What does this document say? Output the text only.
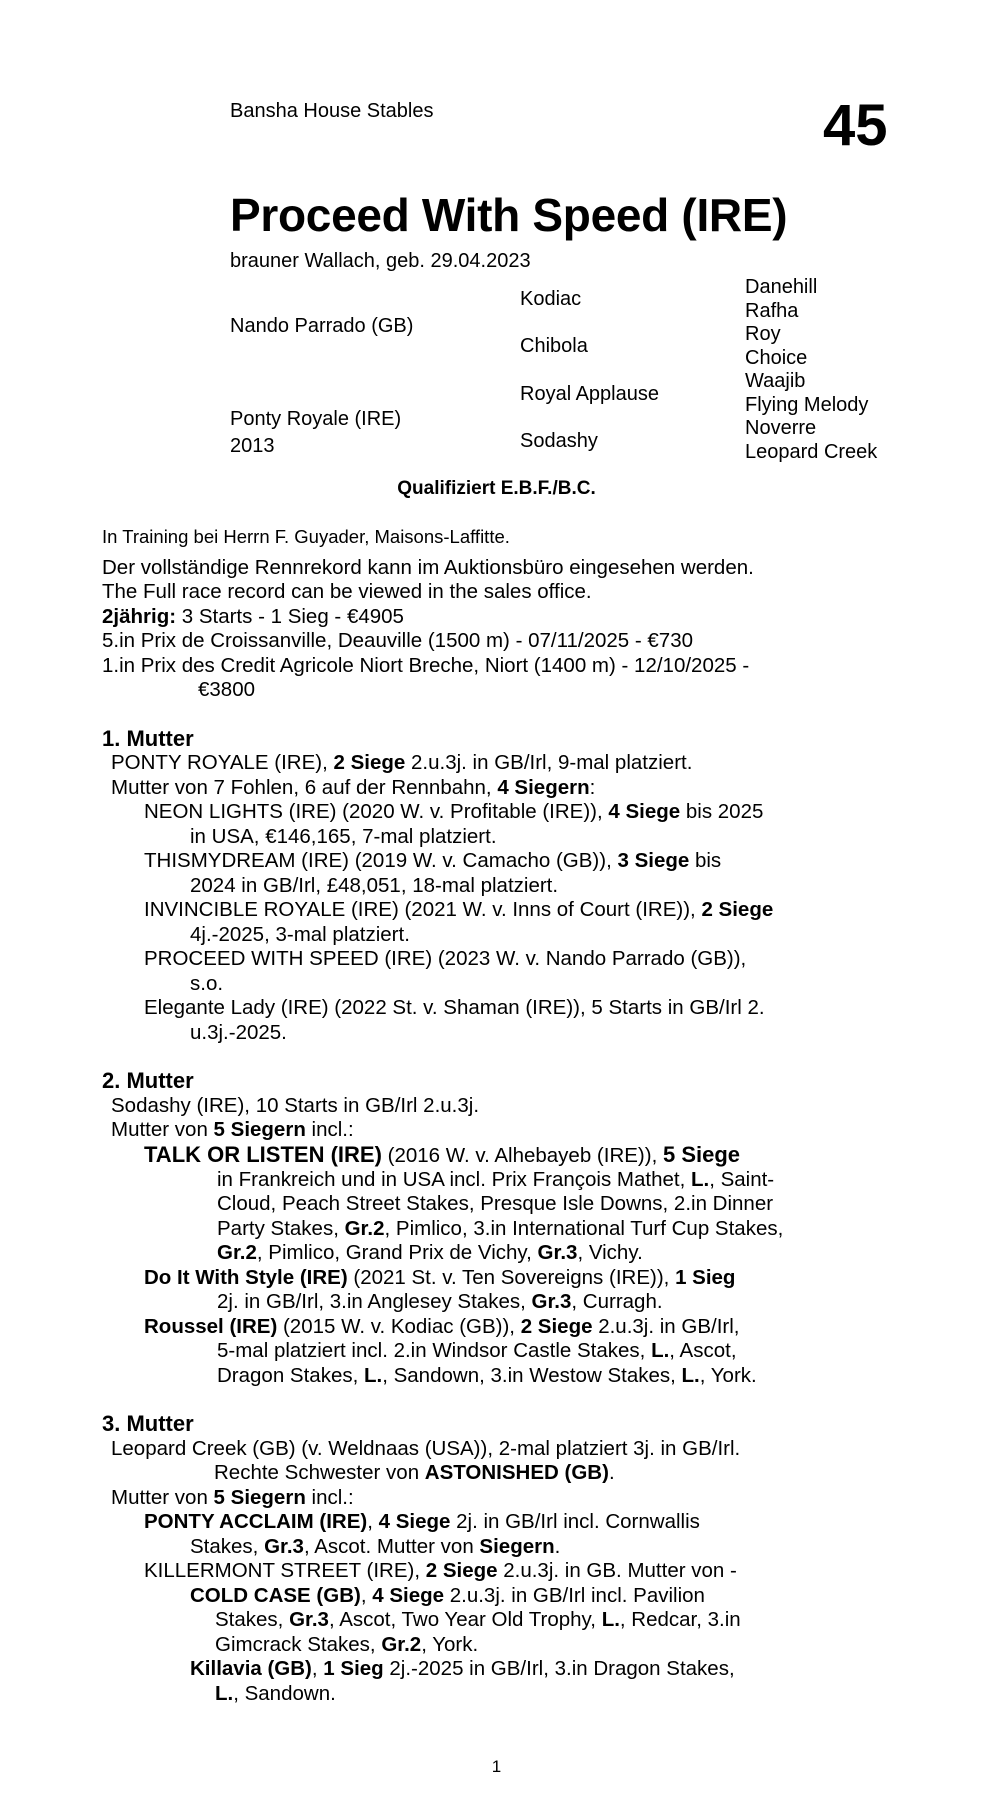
Bansha House Stables	45
Proceed With Speed (IRE)
brauner Wallach, geb. 29.04.2023
Nando Parrado (GB)
Ponty Royale (IRE)
2013
Kodiac
Chibola
Royal Applause
Sodashy
Danehill
Rafha
Roy
Choice
Waajib
Flying Melody
Noverre
Leopard Creek
Qualifiziert E.B.F./B.C.
In Training bei Herrn F. Guyader, Maisons-Laffitte.
Der vollständige Rennrekord kann im Auktionsbüro eingesehen werden.
The Full race record can be viewed in the sales office.
2jährig: 3 Starts - 1 Sieg - €4905
5.in Prix de Croissanville, Deauville (1500 m) - 07/11/2025 - €730
1.in Prix des Credit Agricole Niort Breche, Niort (1400 m) - 12/10/2025 -
€3800
1. Mutter
PONTY ROYALE (IRE), 2 Siege 2.u.3j. in GB/Irl, 9-mal platziert.
Mutter von 7 Fohlen, 6 auf der Rennbahn, 4 Siegern:
NEON LIGHTS (IRE) (2020 W. v. Profitable (IRE)), 4 Siege bis 2025
in USA, €146,165, 7-mal platziert.
THISMYDREAM (IRE) (2019 W. v. Camacho (GB)), 3 Siege bis
2024 in GB/Irl, £48,051, 18-mal platziert.
INVINCIBLE ROYALE (IRE) (2021 W. v. Inns of Court (IRE)), 2 Siege
4j.-2025, 3-mal platziert.
PROCEED WITH SPEED (IRE) (2023 W. v. Nando Parrado (GB)),
s.o.
Elegante Lady (IRE) (2022 St. v. Shaman (IRE)), 5 Starts in GB/Irl 2.
u.3j.-2025.
2. Mutter
Sodashy (IRE), 10 Starts in GB/Irl 2.u.3j.
Mutter von 5 Siegern incl.:
TALK OR LISTEN (IRE) (2016 W. v. Alhebayeb (IRE)), 5 Siege
in Frankreich und in USA incl. Prix François Mathet, L., Saint-
Cloud, Peach Street Stakes, Presque Isle Downs, 2.in Dinner
Party Stakes, Gr.2, Pimlico, 3.in International Turf Cup Stakes,
Gr.2, Pimlico, Grand Prix de Vichy, Gr.3, Vichy.
Do It With Style (IRE) (2021 St. v. Ten Sovereigns (IRE)), 1 Sieg
2j. in GB/Irl, 3.in Anglesey Stakes, Gr.3, Curragh.
Roussel (IRE) (2015 W. v. Kodiac (GB)), 2 Siege 2.u.3j. in GB/Irl,
5-mal platziert incl. 2.in Windsor Castle Stakes, L., Ascot,
Dragon Stakes, L., Sandown, 3.in Westow Stakes, L., York.
3. Mutter
Leopard Creek (GB) (v. Weldnaas (USA)), 2-mal platziert 3j. in GB/Irl.
Rechte Schwester von ASTONISHED (GB).
Mutter von 5 Siegern incl.:
PONTY ACCLAIM (IRE), 4 Siege 2j. in GB/Irl incl. Cornwallis
Stakes, Gr.3, Ascot. Mutter von Siegern.
KILLERMONT STREET (IRE), 2 Siege 2.u.3j. in GB. Mutter von -
COLD CASE (GB), 4 Siege 2.u.3j. in GB/Irl incl. Pavilion
Stakes, Gr.3, Ascot, Two Year Old Trophy, L., Redcar, 3.in
Gimcrack Stakes, Gr.2, York.
Killavia (GB), 1 Sieg 2j.-2025 in GB/Irl, 3.in Dragon Stakes,
L., Sandown.
1
